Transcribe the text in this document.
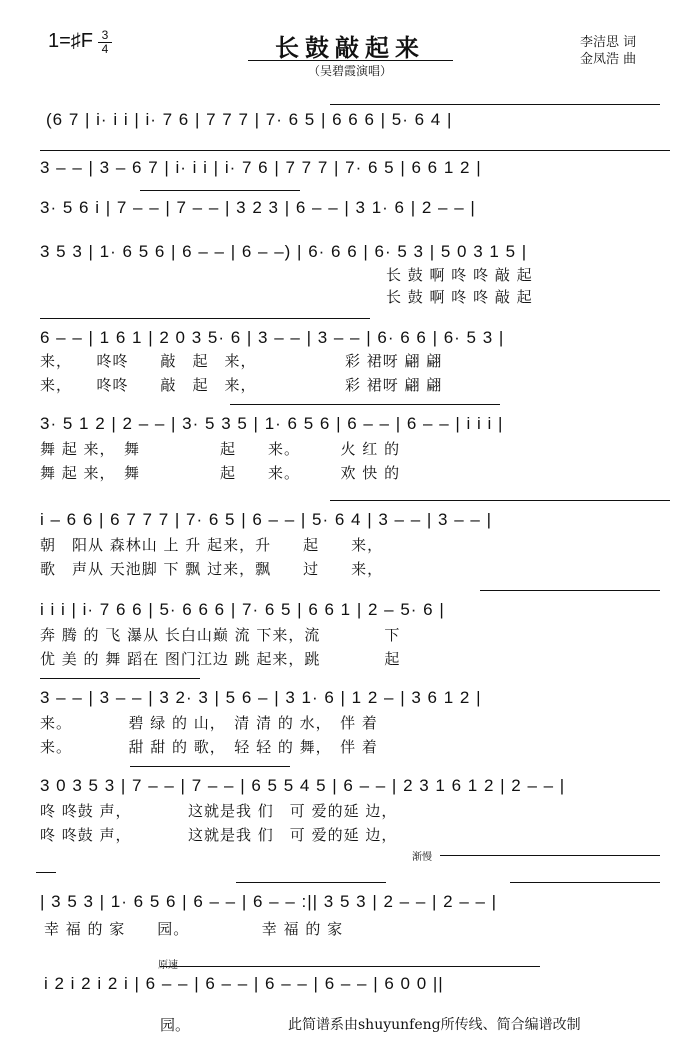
1=♯F 3
4	长鼓敲起来
（吴碧霞演唱）
李洁思 词
金凤浩 曲
(6 7 | i· i i | i· 7 6 | 7 7 7 | 7· 6 5 | 6 6 6 | 5· 6 4 |
3 – – | 3 – 6 7 | i· i i | i· 7 6 | 7 7 7 | 7· 6 5 | 6 6 1 2 |
3· 5 6 i | 7 – – | 7 – – | 3 2 3 | 6 – – | 3 1· 6 | 2 – – |
3 5 3 | 1· 6 5 6 | 6 – – | 6 – –) | 6· 6 6 | 6· 5 3 | 5 0 3 1 5 |
长 鼓 啊 咚 咚 敲 起
长 鼓 啊 咚 咚 敲 起
6 – – | 1 6 1 | 2 0 3 5· 6 | 3 – – | 3 – – | 6· 6 6 | 6· 5 3 |
来，　　咚咚　　敲　起　来，　　　　　　彩 裙呀 翩 翩
来，　　咚咚　　敲　起　来，　　　　　　彩 裙呀 翩 翩
3· 5 1 2 | 2 – – | 3· 5 3 5 | 1· 6 5 6 | 6 – – | 6 – – | i i i |
舞 起 来，　舞　　　　　起　　来。　　　火 红 的
舞 起 来，　舞　　　　　起　　来。　　　欢 快 的
i – 6 6 | 6 7 7 7 | 7· 6 5 | 6 – – | 5· 6 4 | 3 – – | 3 – – |
朝　阳从 森林山 上 升 起来，升　　起　　来，
歌　声从 天池脚 下 飘 过来，飘　　过　　来，
i i i | i· 7 6 6 | 5· 6 6 6 | 7· 6 5 | 6 6 1 | 2 – 5· 6 |
奔 腾 的 飞 瀑从 长白山巅 流 下来，流　　　　下
优 美 的 舞 蹈在 图门江边 跳 起来，跳　　　　起
3 – – | 3 – – | 3 2· 3 | 5 6 – | 3 1· 6 | 1 2 – | 3 6 1 2 |
来。　　　　碧 绿 的 山，　清 清 的 水，　伴 着
来。　　　　甜 甜 的 歌，　轻 轻 的 舞，　伴 着
3 0 3 5 3 | 7 – – | 7 – – | 6 5 5 4 5 | 6 – – | 2 3 1 6 1 2 | 2 – – |
咚 咚鼓 声，　　　　这就是我 们　可 爱的延 边，
咚 咚鼓 声，　　　　这就是我 们　可 爱的延 边，
渐慢
| 3 5 3 | 1· 6 5 6 | 6 – – | 6 – – :|| 3 5 3 | 2 – – | 2 – – |
幸 福 的 家　　园。　　　　　幸 福 的 家
原速
i 2 i 2 i 2 i | 6 – – | 6 – – | 6 – – | 6 – – | 6 0 0 ||
园。	此简谱系由shuyunfeng所传线、简合编谱改制
